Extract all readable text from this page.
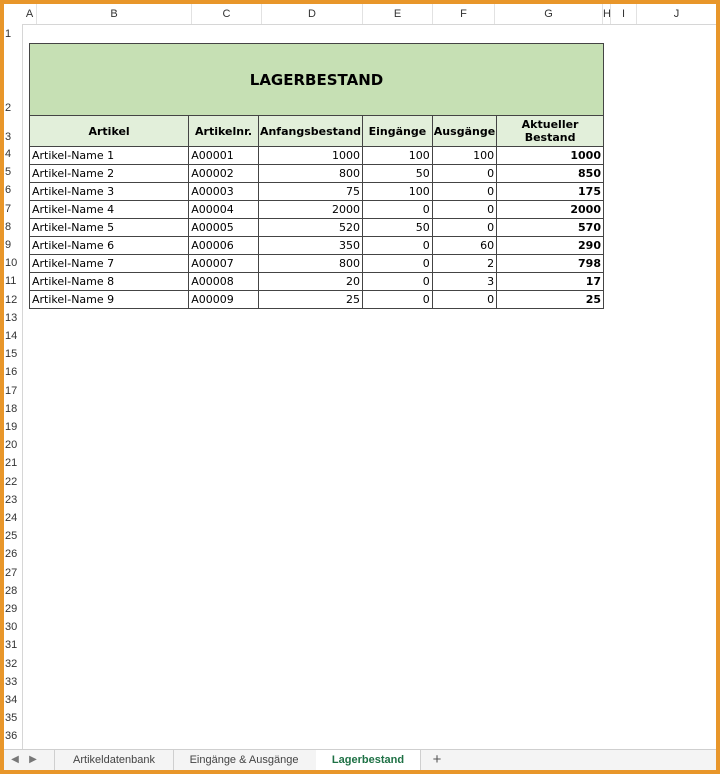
A	B	C	D	E	F	G	H	I	J
1
2
3
4
5
6
7
8
9
10
11
12
13
14
15
16
17
18
19
20
21
22
23
24
25
26
27
28
29
30
31
32
33
34
35
36
LAGERBESTAND					
Artikel	Artikelnr.	Anfangsbestand	Eingänge	Ausgänge	Aktueller Bestand
Artikel-Name 1	A00001	1000	100	100	1000
Artikel-Name 2	A00002	800	50	0	850
Artikel-Name 3	A00003	75	100	0	175
Artikel-Name 4	A00004	2000	0	0	2000
Artikel-Name 5	A00005	520	50	0	570
Artikel-Name 6	A00006	350	0	60	290
Artikel-Name 7	A00007	800	0	2	798
Artikel-Name 8	A00008	20	0	3	17
Artikel-Name 9	A00009	25	0	0	25
◀	▶	Artikeldatenbank	Eingänge & Ausgänge	Lagerbestand	+
